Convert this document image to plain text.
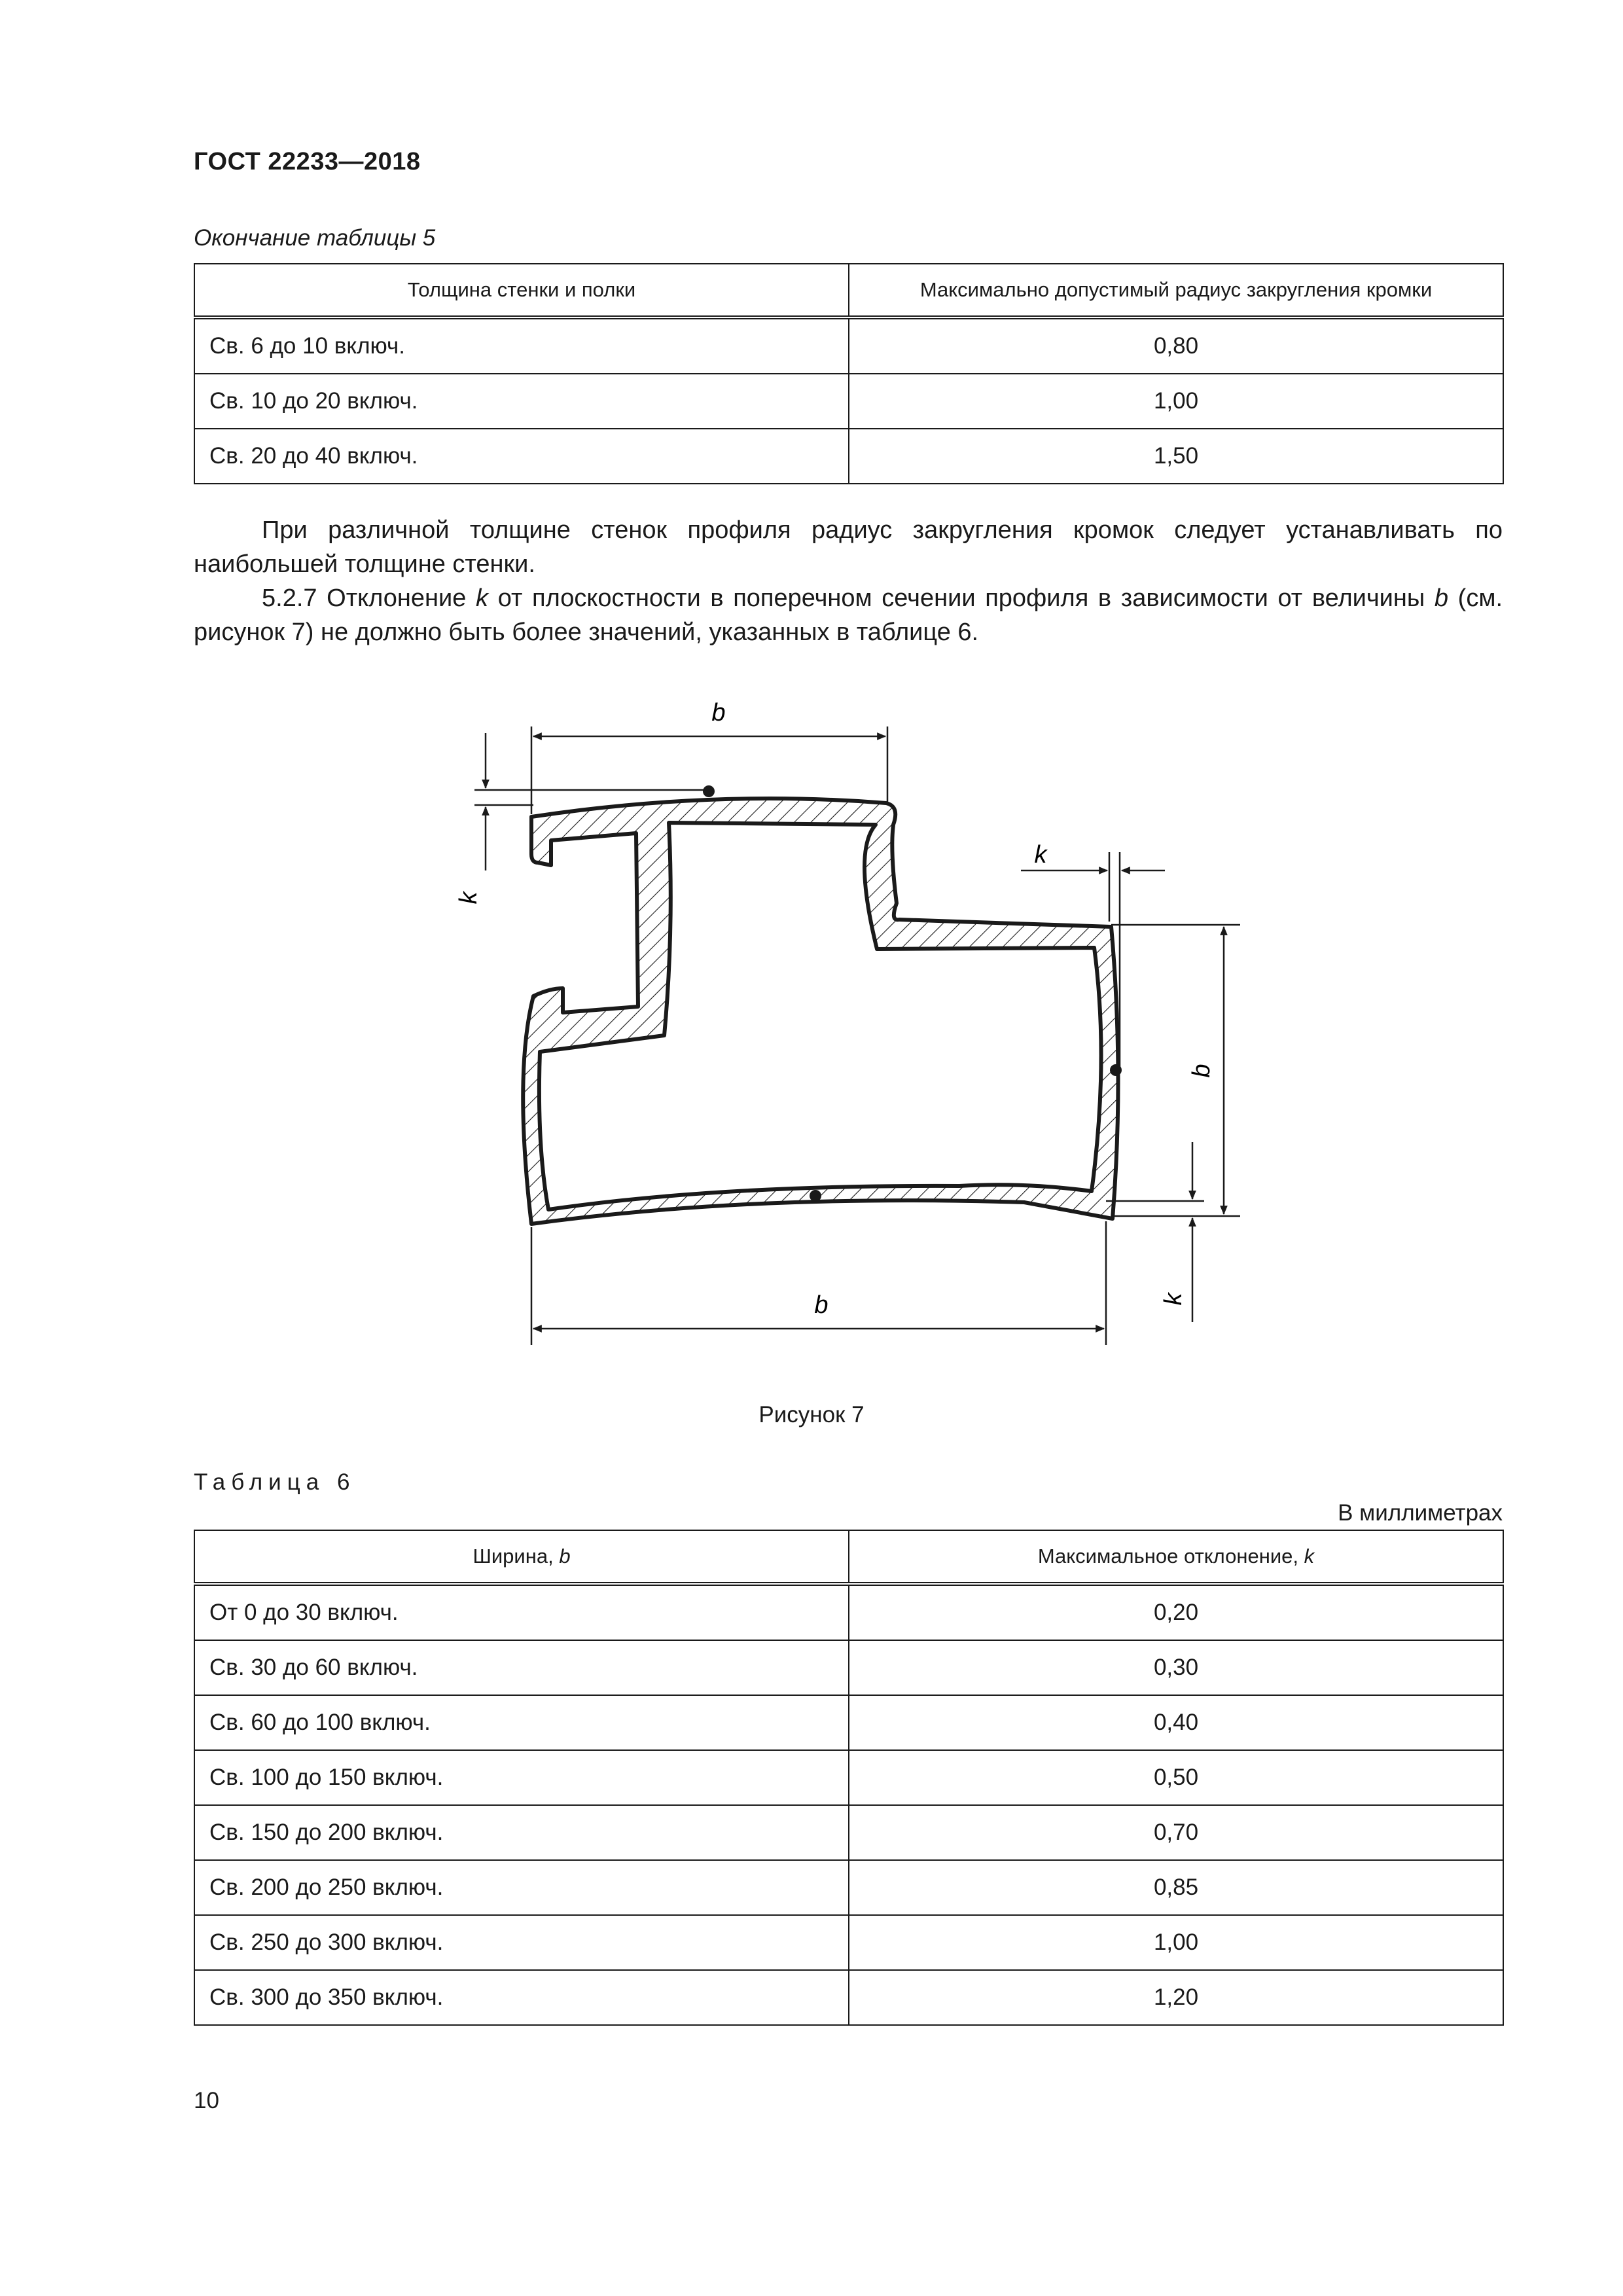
ГОСТ 22233—2018
Окончание таблицы 5
Толщина стенки и полки	Максимально допустимый радиус закругления кромки
Св. 6 до 10 включ.	0,80
Св. 10 до 20 включ.	1,00
Св. 20 до 40 включ.	1,50
При различной толщине стенок профиля радиус закругления кромок следует устанавливать по наибольшей толщине стенки.
5.2.7 Отклонение k от плоскостности в поперечном сечении профиля в зависимости от величины b (см. рисунок 7) не должно быть более значений, указанных в таблице 6.
b
k
k
b
k
b
Рисунок 7
Таблица 6
В миллиметрах
Ширина, b	Максимальное отклонение, k
От 0 до 30 включ.	0,20
Св. 30 до 60 включ.	0,30
Св. 60 до 100 включ.	0,40
Св. 100 до 150 включ.	0,50
Св. 150 до 200 включ.	0,70
Св. 200 до 250 включ.	0,85
Св. 250 до 300 включ.	1,00
Св. 300 до 350 включ.	1,20
10
